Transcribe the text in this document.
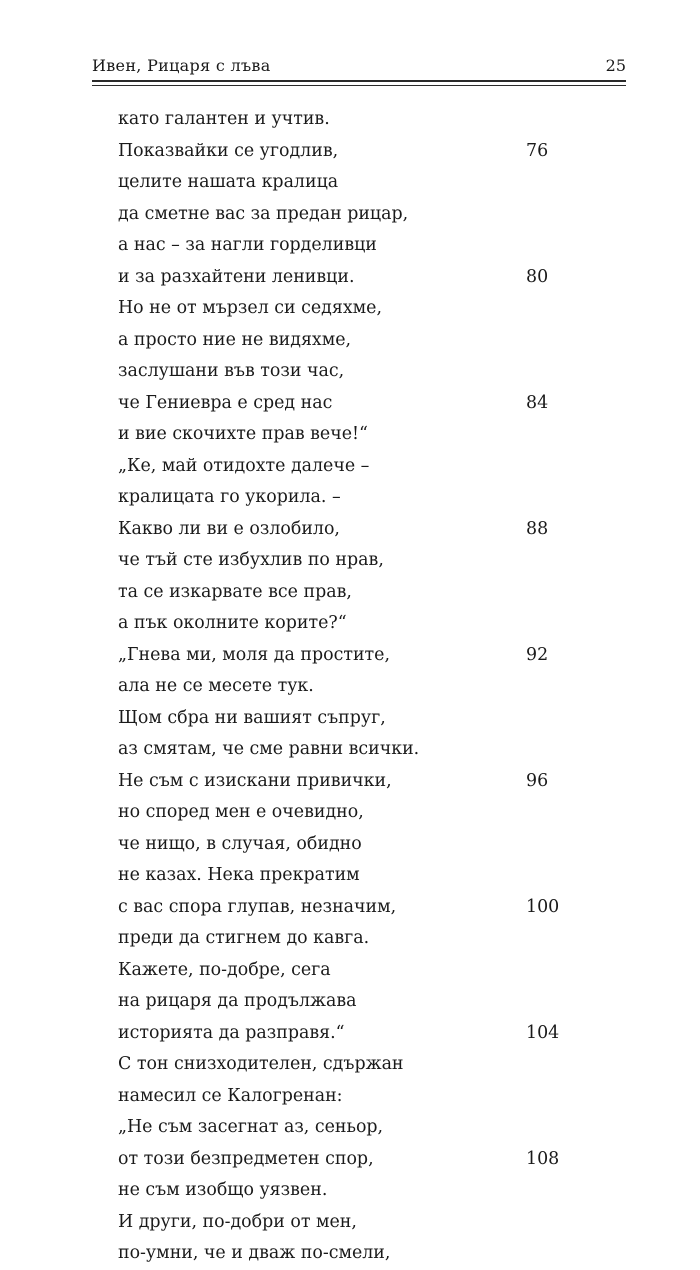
Ивен, Рицаря с лъва	25
като галантен и учтив.
Показвайки се угодлив,	76
целите нашата кралица
да сметне вас за предан рицар,
а нас – за нагли горделивци
и за разхайтени ленивци.	80
Но не от мързел си седяхме,
а просто ние не видяхме,
заслушани във този час,
че Гениевра е сред нас	84
и вие скочихте прав вече!“
„Ке, май отидохте далече –
кралицата го укорила. –
Какво ли ви е озлобило,	88
че тъй сте избухлив по нрав,
та се изкарвате все прав,
а пък околните корите?“
„Гнева ми, моля да простите,	92
ала не се месете тук.
Щом сбра ни вашият съпруг,
аз смятам, че сме равни всички.
Не съм с изискани привички,	96
но според мен е очевидно,
че нищо, в случая, обидно
не казах. Нека прекратим
с вас спора глупав, незначим,	100
преди да стигнем до кавга.
Кажете, по-добре, сега
на рицаря да продължава
историята да разправя.“	104
С тон снизходителен, сдържан
намесил се Калогренан:
„Не съм засегнат аз, сеньор,
от този безпредметен спор,	108
не съм изобщо уязвен.
И други, по-добри от мен,
по-умни, че и дваж по-смели,
